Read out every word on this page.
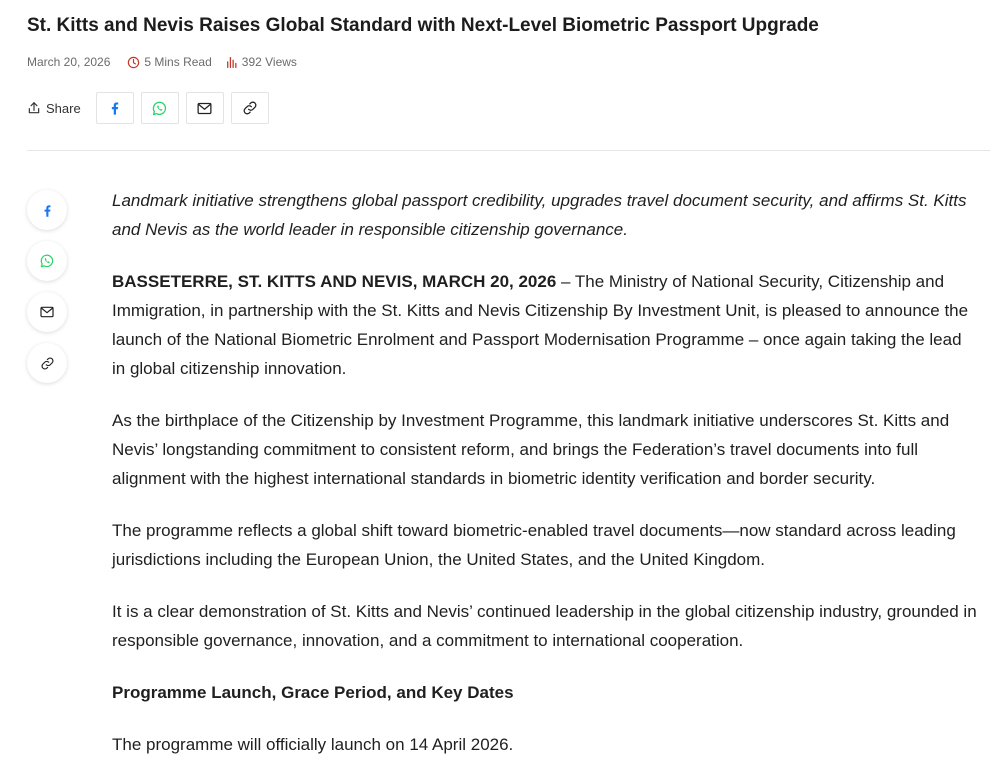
St. Kitts and Nevis Raises Global Standard with Next-Level Biometric Passport Upgrade
March 20, 2026	5 Mins Read	392 Views
Share

Landmark initiative strengthens global passport credibility, upgrades travel document security, and affirms St. Kitts and Nevis as the world leader in responsible citizenship governance.

BASSETERRE, ST. KITTS AND NEVIS, MARCH 20, 2026 – The Ministry of National Security, Citizenship and Immigration, in partnership with the St. Kitts and Nevis Citizenship By Investment Unit, is pleased to announce the launch of the National Biometric Enrolment and Passport Modernisation Programme – once again taking the lead in global citizenship innovation.

As the birthplace of the Citizenship by Investment Programme, this landmark initiative underscores St. Kitts and Nevis’ longstanding commitment to consistent reform, and brings the Federation’s travel documents into full alignment with the highest international standards in biometric identity verification and border security.

The programme reflects a global shift toward biometric-enabled travel documents—now standard across leading jurisdictions including the European Union, the United States, and the United Kingdom.

It is a clear demonstration of St. Kitts and Nevis’ continued leadership in the global citizenship industry, grounded in responsible governance, innovation, and a commitment to international cooperation.

Programme Launch, Grace Period, and Key Dates

The programme will officially launch on 14 April 2026.
